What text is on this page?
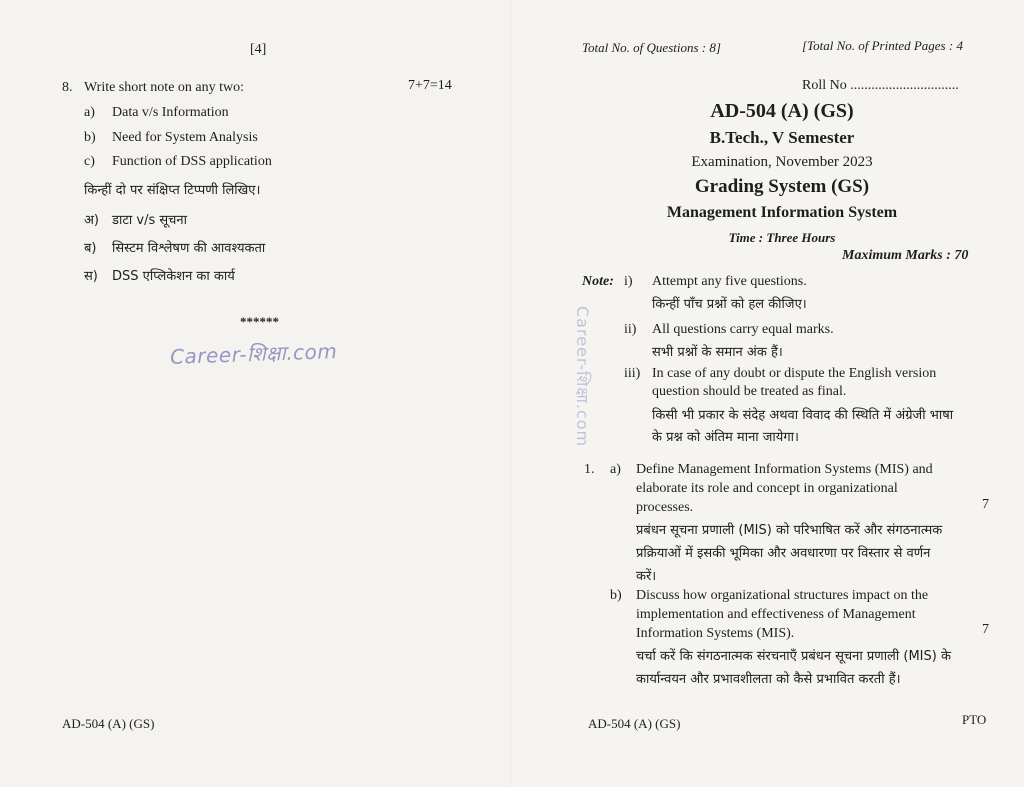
[4]
8. Write short note on any two:	7+7=14
a) Data v/s Information
b) Need for System Analysis
c) Function of DSS application
किन्हीं दो पर संक्षिप्त टिप्पणी लिखिए।
अ) डाटा v/s सूचना
ब) सिस्टम विश्लेषण की आवश्यकता
स) DSS एप्लिकेशन का कार्य
******
Career-शिक्षा.com
AD-504 (A) (GS)
Total No. of Questions : 8]	[Total No. of Printed Pages : 4
Roll No ...............................
AD-504 (A) (GS)
B.Tech., V Semester
Examination, November 2023
Grading System (GS)
Management Information System
Time : Three Hours
Maximum Marks : 70
Note: i) Attempt any five questions.
किन्हीं पाँच प्रश्नों को हल कीजिए।
ii) All questions carry equal marks.
सभी प्रश्नों के समान अंक हैं।
iii) In case of any doubt or dispute the English version
question should be treated as final.
किसी भी प्रकार के संदेह अथवा विवाद की स्थिति में अंग्रेजी भाषा
के प्रश्न को अंतिम माना जायेगा।
Career-शिक्षा.com
1. a) Define Management Information Systems (MIS) and
elaborate its role and concept in organizational
processes.	7
प्रबंधन सूचना प्रणाली (MIS) को परिभाषित करें और संगठनात्मक
प्रक्रियाओं में इसकी भूमिका और अवधारणा पर विस्तार से वर्णन
करें।
b) Discuss how organizational structures impact on the
implementation and effectiveness of Management
Information Systems (MIS).	7
चर्चा करें कि संगठनात्मक संरचनाएँ प्रबंधन सूचना प्रणाली (MIS) के
कार्यान्वयन और प्रभावशीलता को कैसे प्रभावित करती हैं।
AD-504 (A) (GS)	PTO
